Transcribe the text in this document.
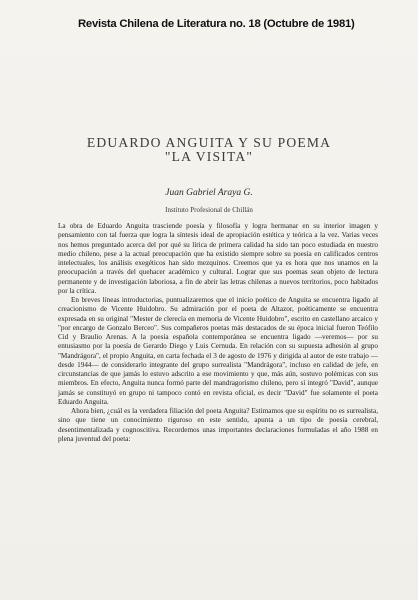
Revista Chilena de Literatura no. 18 (Octubre de 1981)
EDUARDO ANGUITA Y SU POEMA
"LA VISITA"
Juan Gabriel Araya G.
Instituto Profesional de Chillán

La obra de Eduardo Anguita trasciende poesía y filosofía y logra hermanar en su interior imagen y pensamiento con tal fuerza que logra la síntesis ideal de apropiación estética y teórica a la vez. Varias veces nos hemos preguntado acerca del por qué su lírica de primera calidad ha sido tan poco estudiada en nuestro medio chileno, pese a la actual preocupación que ha existido siempre sobre su poesía en calificados centros intelectuales, los análisis exegéticos han sido mezquinos. Creemos que ya es hora que nos unamos en la preocupación a través del quehacer académico y cultural. Lograr que sus poemas sean objeto de lectura permanente y de investigación laboriosa, a fin de abrir las letras chilenas a nuevos territorios, poco habitados por la crítica.

En breves líneas introductorias, puntualizaremos que el inicio poético de Anguita se encuentra ligado al creacionismo de Vicente Huidobro. Su admiración por el poeta de Altazor, poéticamente se encuentra expresada en su original "Mester de clerecía en memoria de Vicente Huidobro", escrito en castellano arcaico y "por encargo de Gonzalo Berceo". Sus compañeros poetas más destacados de su época inicial fueron Teófilo Cid y Braulio Arenas. A la poesía española contemporánea se encuentra ligado —veremos— por su entusiasmo por la poesía de Gerardo Diego y Luis Cernuda. En relación con su supuesta adhesión al grupo "Mandrágora", el propio Anguita, en carta fechada el 3 de agosto de 1976 y dirigida al autor de este trabajo —desde 1944— de considerarlo integrante del grupo surrealista "Mandrágora", incluso en calidad de jefe, en circunstancias de que jamás lo estuvo adscrito a ese movimiento y que, más aún, sostuvo polémicas con sus miembros. En efecto, Anguita nunca formó parte del mandragorismo chileno, pero sí integró "David", aunque jamás se constituyó en grupo ni tampoco contó en revista oficial, es decir "David" fue solamente el poeta Eduardo Anguita.

Ahora bien, ¿cuál es la verdadera filiación del poeta Anguita? Estimamos que su espíritu no es surrealista, sino que tiene un conocimiento riguroso en este sentido, apunta a un tipo de poesía cerebral, desentimentalizada y cognoscitiva. Recordemos unas importantes declaraciones formuladas el año 1988 en plena juventud del poeta:
